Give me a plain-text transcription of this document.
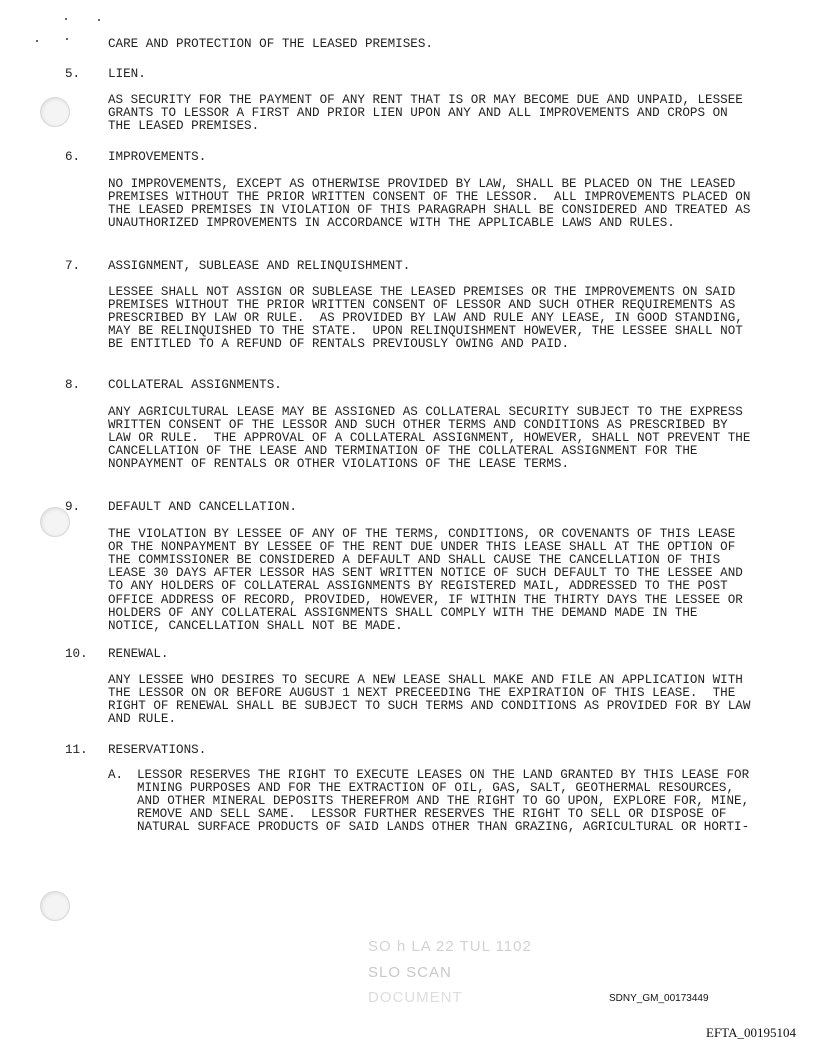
CARE AND PROTECTION OF THE LEASED PREMISES.
5. LIEN.
AS SECURITY FOR THE PAYMENT OF ANY RENT THAT IS OR MAY BECOME DUE AND UNPAID, LESSEE
GRANTS TO LESSOR A FIRST AND PRIOR LIEN UPON ANY AND ALL IMPROVEMENTS AND CROPS ON
THE LEASED PREMISES.
6. IMPROVEMENTS.
NO IMPROVEMENTS, EXCEPT AS OTHERWISE PROVIDED BY LAW, SHALL BE PLACED ON THE LEASED
PREMISES WITHOUT THE PRIOR WRITTEN CONSENT OF THE LESSOR.  ALL IMPROVEMENTS PLACED ON
THE LEASED PREMISES IN VIOLATION OF THIS PARAGRAPH SHALL BE CONSIDERED AND TREATED AS
UNAUTHORIZED IMPROVEMENTS IN ACCORDANCE WITH THE APPLICABLE LAWS AND RULES.
7. ASSIGNMENT, SUBLEASE AND RELINQUISHMENT.
LESSEE SHALL NOT ASSIGN OR SUBLEASE THE LEASED PREMISES OR THE IMPROVEMENTS ON SAID
PREMISES WITHOUT THE PRIOR WRITTEN CONSENT OF LESSOR AND SUCH OTHER REQUIREMENTS AS
PRESCRIBED BY LAW OR RULE.  AS PROVIDED BY LAW AND RULE ANY LEASE, IN GOOD STANDING,
MAY BE RELINQUISHED TO THE STATE.  UPON RELINQUISHMENT HOWEVER, THE LESSEE SHALL NOT
BE ENTITLED TO A REFUND OF RENTALS PREVIOUSLY OWING AND PAID.
8. COLLATERAL ASSIGNMENTS.
ANY AGRICULTURAL LEASE MAY BE ASSIGNED AS COLLATERAL SECURITY SUBJECT TO THE EXPRESS
WRITTEN CONSENT OF THE LESSOR AND SUCH OTHER TERMS AND CONDITIONS AS PRESCRIBED BY
LAW OR RULE.  THE APPROVAL OF A COLLATERAL ASSIGNMENT, HOWEVER, SHALL NOT PREVENT THE
CANCELLATION OF THE LEASE AND TERMINATION OF THE COLLATERAL ASSIGNMENT FOR THE
NONPAYMENT OF RENTALS OR OTHER VIOLATIONS OF THE LEASE TERMS.
9. DEFAULT AND CANCELLATION.
THE VIOLATION BY LESSEE OF ANY OF THE TERMS, CONDITIONS, OR COVENANTS OF THIS LEASE
OR THE NONPAYMENT BY LESSEE OF THE RENT DUE UNDER THIS LEASE SHALL AT THE OPTION OF
THE COMMISSIONER BE CONSIDERED A DEFAULT AND SHALL CAUSE THE CANCELLATION OF THIS
LEASE 30 DAYS AFTER LESSOR HAS SENT WRITTEN NOTICE OF SUCH DEFAULT TO THE LESSEE AND
TO ANY HOLDERS OF COLLATERAL ASSIGNMENTS BY REGISTERED MAIL, ADDRESSED TO THE POST
OFFICE ADDRESS OF RECORD, PROVIDED, HOWEVER, IF WITHIN THE THIRTY DAYS THE LESSEE OR
HOLDERS OF ANY COLLATERAL ASSIGNMENTS SHALL COMPLY WITH THE DEMAND MADE IN THE
NOTICE, CANCELLATION SHALL NOT BE MADE.
10. RENEWAL.
ANY LESSEE WHO DESIRES TO SECURE A NEW LEASE SHALL MAKE AND FILE AN APPLICATION WITH
THE LESSOR ON OR BEFORE AUGUST 1 NEXT PRECEEDING THE EXPIRATION OF THIS LEASE.  THE
RIGHT OF RENEWAL SHALL BE SUBJECT TO SUCH TERMS AND CONDITIONS AS PROVIDED FOR BY LAW
AND RULE.
11. RESERVATIONS.
A. LESSOR RESERVES THE RIGHT TO EXECUTE LEASES ON THE LAND GRANTED BY THIS LEASE FOR
MINING PURPOSES AND FOR THE EXTRACTION OF OIL, GAS, SALT, GEOTHERMAL RESOURCES,
AND OTHER MINERAL DEPOSITS THEREFROM AND THE RIGHT TO GO UPON, EXPLORE FOR, MINE,
REMOVE AND SELL SAME.  LESSOR FURTHER RESERVES THE RIGHT TO SELL OR DISPOSE OF
NATURAL SURFACE PRODUCTS OF SAID LANDS OTHER THAN GRAZING, AGRICULTURAL OR HORTI-
SO h LA 22 TUL 1102
SLO SCAN
DOCUMENT	SDNY_GM_00173449
EFTA_00195104
